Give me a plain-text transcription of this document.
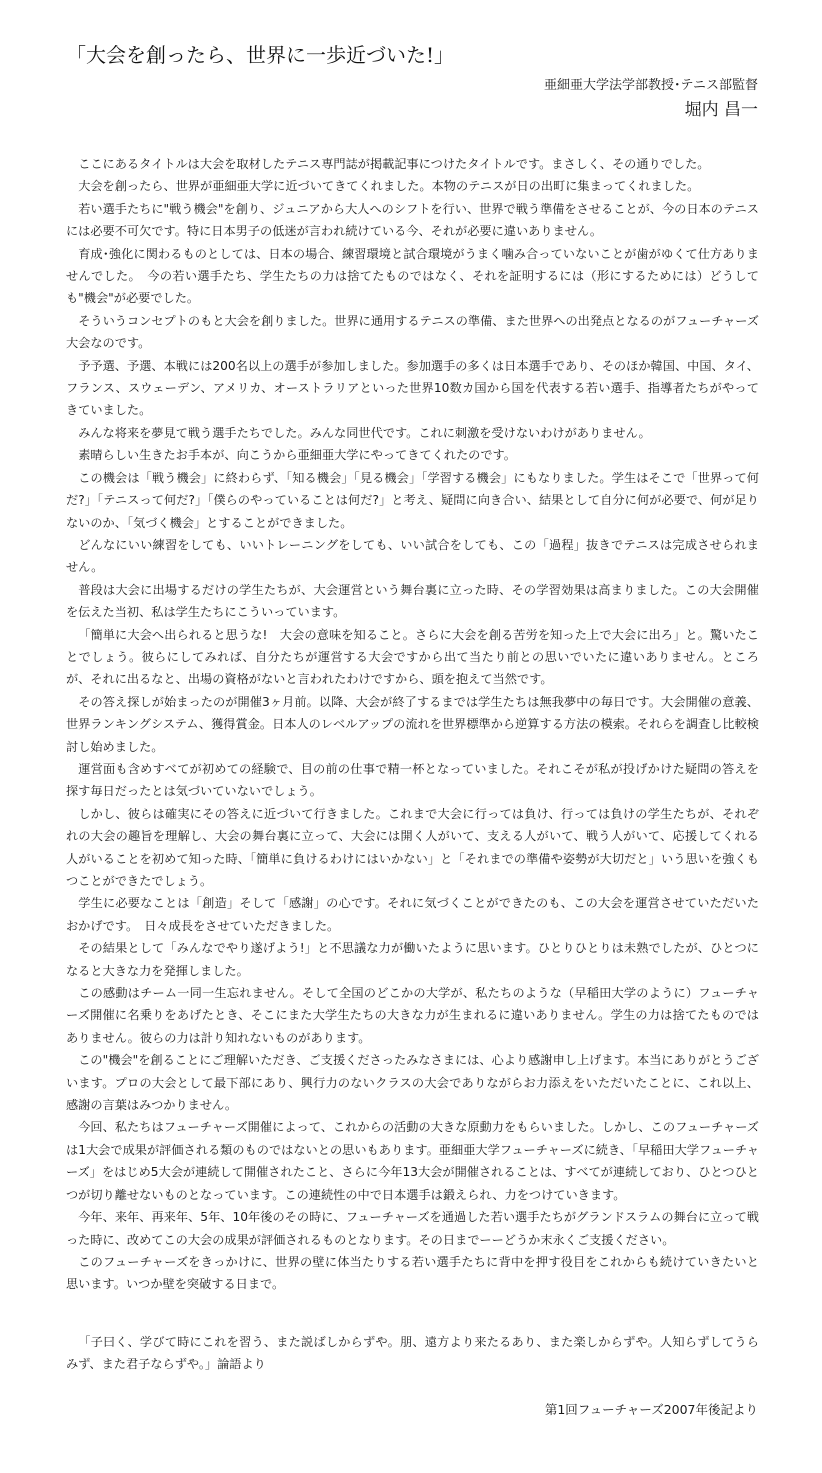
「大会を創ったら、世界に一歩近づいた!」
亜細亜大学法学部教授･テニス部監督
堀内 昌一

ここにあるタイトルは大会を取材したテニス専門誌が掲載記事につけたタイトルです。まさしく、その通りでした。

大会を創ったら、世界が亜細亜大学に近づいてきてくれました。本物のテニスが日の出町に集まってくれました。

若い選手たちに"戦う機会"を創り、ジュニアから大人へのシフトを行い、世界で戦う準備をさせることが、今の日本のテニスには必要不可欠です。特に日本男子の低迷が言われ続けている今、それが必要に違いありません。

育成･強化に関わるものとしては、日本の場合、練習環境と試合環境がうまく噛み合っていないことが歯がゆくて仕方ありませんでした。　今の若い選手たち、学生たちの力は捨てたものではなく、それを証明するには（形にするためには）どうしても"機会"が必要でした。

そういうコンセプトのもと大会を創りました。世界に通用するテニスの準備、また世界への出発点となるのがフューチャーズ大会なのです。

予予選、予選、本戦には200名以上の選手が参加しました。参加選手の多くは日本選手であり、そのほか韓国、中国、タイ、フランス、スウェーデン、アメリカ、オーストラリアといった世界10数カ国から国を代表する若い選手、指導者たちがやってきていました。

みんな将来を夢見て戦う選手たちでした。みんな同世代です。これに刺激を受けないわけがありません。

素晴らしい生きたお手本が、向こうから亜細亜大学にやってきてくれたのです。

この機会は「戦う機会」に終わらず、「知る機会」「見る機会」「学習する機会」にもなりました。学生はそこで「世界って何だ?」「テニスって何だ?」「僕らのやっていることは何だ?」と考え、疑問に向き合い、結果として自分に何が必要で、何が足りないのか、「気づく機会」とすることができました。

どんなにいい練習をしても、いいトレーニングをしても、いい試合をしても、この「過程」抜きでテニスは完成させられません。

普段は大会に出場するだけの学生たちが、大会運営という舞台裏に立った時、その学習効果は高まりました。この大会開催を伝えた当初、私は学生たちにこういっています。

「簡単に大会へ出られると思うな!　大会の意味を知ること。さらに大会を創る苦労を知った上で大会に出ろ」と。驚いたことでしょう。彼らにしてみれば、自分たちが運営する大会ですから出て当たり前との思いでいたに違いありません。ところが、それに出るなと、出場の資格がないと言われたわけですから、頭を抱えて当然です。

その答え探しが始まったのが開催3ヶ月前。以降、大会が終了するまでは学生たちは無我夢中の毎日です。大会開催の意義、世界ランキングシステム、獲得賞金。日本人のレベルアップの流れを世界標準から逆算する方法の模索。それらを調査し比較検討し始めました。

運営面も含めすべてが初めての経験で、目の前の仕事で精一杯となっていました。それこそが私が投げかけた疑問の答えを探す毎日だったとは気づいていないでしょう。

しかし、彼らは確実にその答えに近づいて行きました。これまで大会に行っては負け、行っては負けの学生たちが、それぞれの大会の趣旨を理解し、大会の舞台裏に立って、大会には開く人がいて、支える人がいて、戦う人がいて、応援してくれる人がいることを初めて知った時、「簡単に負けるわけにはいかない」と「それまでの準備や姿勢が大切だと」いう思いを強くもつことができたでしょう。

学生に必要なことは「創造」そして「感謝」の心です。それに気づくことができたのも、この大会を運営させていただいたおかげです。　日々成長をさせていただきました。

その結果として「みんなでやり遂げよう!」と不思議な力が働いたように思います。ひとりひとりは未熟でしたが、ひとつになると大きな力を発揮しました。

この感動はチーム一同一生忘れません。そして全国のどこかの大学が、私たちのような（早稲田大学のように）フューチャーズ開催に名乗りをあげたとき、そこにまた大学生たちの大きな力が生まれるに違いありません。学生の力は捨てたものではありません。彼らの力は計り知れないものがあります。

この"機会"を創ることにご理解いただき、ご支援くださったみなさまには、心より感謝申し上げます。本当にありがとうございます。プロの大会として最下部にあり、興行力のないクラスの大会でありながらお力添えをいただいたことに、これ以上、感謝の言葉はみつかりません。

今回、私たちはフューチャーズ開催によって、これからの活動の大きな原動力をもらいました。しかし、このフューチャーズは1大会で成果が評価される類のものではないとの思いもあります。亜細亜大学フューチャーズに続き、「早稲田大学フューチャーズ」をはじめ5大会が連続して開催されたこと、さらに今年13大会が開催されることは、すべてが連続しており、ひとつひとつが切り離せないものとなっています。この連続性の中で日本選手は鍛えられ、力をつけていきます。

今年、来年、再来年、5年、10年後のその時に、フューチャーズを通過した若い選手たちがグランドスラムの舞台に立って戦った時に、改めてこの大会の成果が評価されるものとなります。その日までーーどうか末永くご支援ください。

このフューチャーズをきっかけに、世界の壁に体当たりする若い選手たちに背中を押す役目をこれからも続けていきたいと思います。いつか壁を突破する日まで。

「子曰く、学びて時にこれを習う、また説ばしからずや。朋、遠方より来たるあり、また楽しからずや。人知らずしてうらみず、また君子ならずや。」論語より

第1回フューチャーズ2007年後記より
